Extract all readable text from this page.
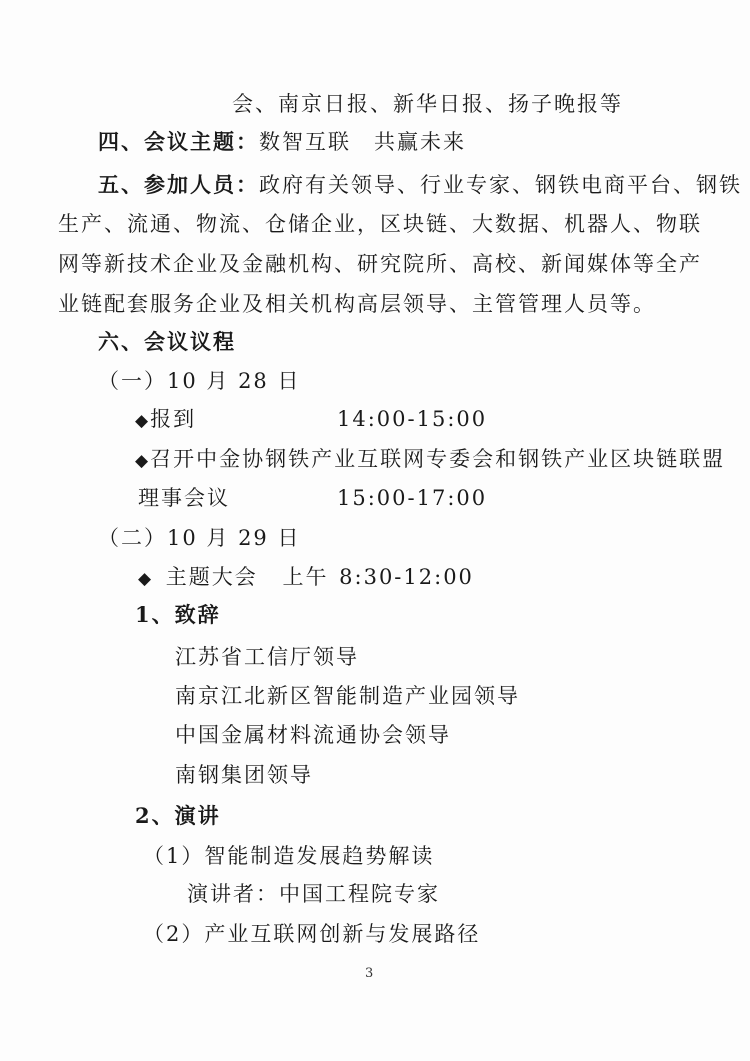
会、南京日报、新华日报、扬子晚报等
四、会议主题：数智互联　共赢未来
五、参加人员：政府有关领导、行业专家、钢铁电商平台、钢铁
生产、流通、物流、仓储企业，区块链、大数据、机器人、物联
网等新技术企业及金融机构、研究院所、高校、新闻媒体等全产
业链配套服务企业及相关机构高层领导、主管管理人员等。
六、会议议程
（一）10 月 28 日
◆报到	14:00-15:00
◆召开中金协钢铁产业互联网专委会和钢铁产业区块链联盟
理事会议	15:00-17:00
（二）10 月 29 日
◆ 主题大会 上午 8:30-12:00
1、致辞
江苏省工信厅领导
南京江北新区智能制造产业园领导
中国金属材料流通协会领导
南钢集团领导
2、演讲
（1）智能制造发展趋势解读
演讲者：中国工程院专家
（2）产业互联网创新与发展路径
3
